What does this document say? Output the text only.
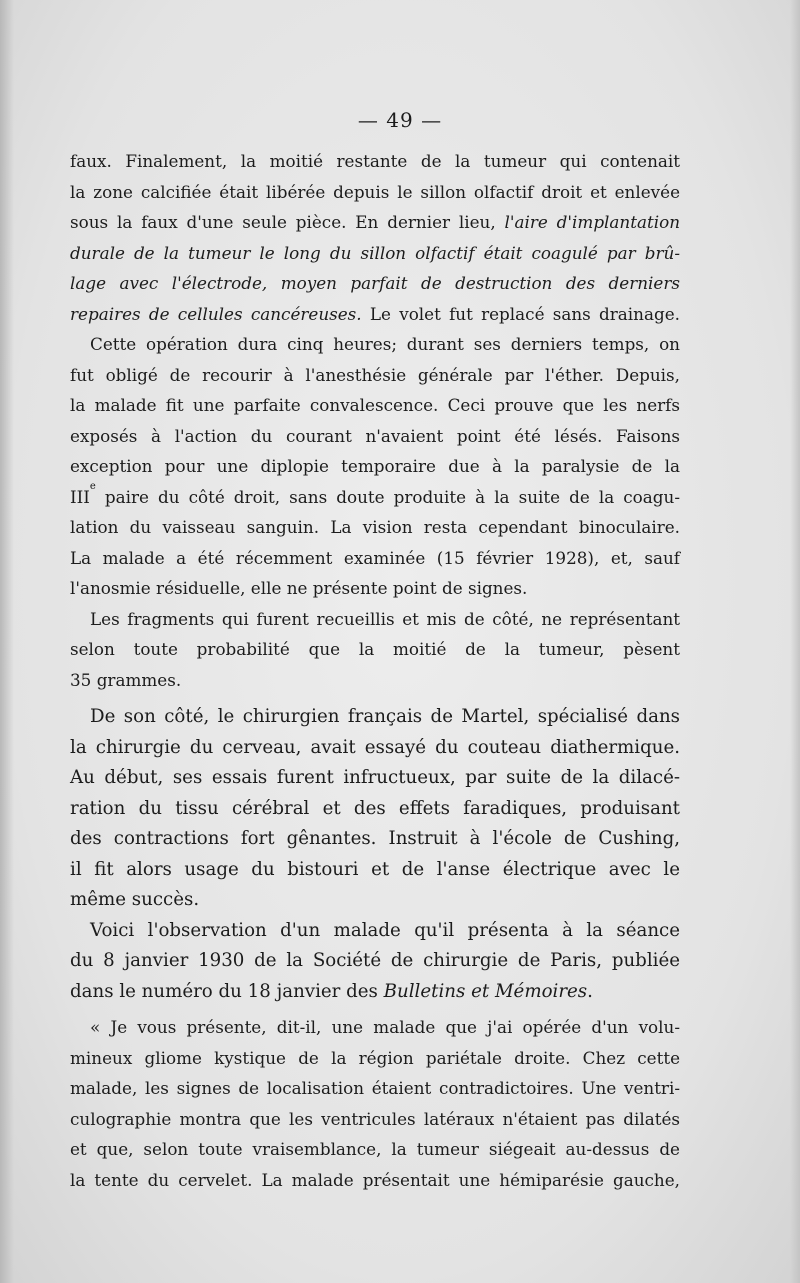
— 49 —
faux. Finalement, la moitié restante de la tumeur qui contenait
la zone calcifiée était libérée depuis le sillon olfactif droit et enlevée
sous la faux d'une seule pièce. En dernier lieu, l'aire d'implantation
durale de la tumeur le long du sillon olfactif était coagulé par brû-
lage avec l'électrode, moyen parfait de destruction des derniers
repaires de cellules cancéreuses. Le volet fut replacé sans drainage.
Cette opération dura cinq heures; durant ses derniers temps, on
fut obligé de recourir à l'anesthésie générale par l'éther. Depuis,
la malade fit une parfaite convalescence. Ceci prouve que les nerfs
exposés à l'action du courant n'avaient point été lésés. Faisons
exception pour une diplopie temporaire due à la paralysie de la
IIIe paire du côté droit, sans doute produite à la suite de la coagu-
lation du vaisseau sanguin. La vision resta cependant binoculaire.
La malade a été récemment examinée (15 février 1928), et, sauf
l'anosmie résiduelle, elle ne présente point de signes.
Les fragments qui furent recueillis et mis de côté, ne représentant
selon toute probabilité que la moitié de la tumeur, pèsent
35 grammes.
De son côté, le chirurgien français de Martel, spécialisé dans
la chirurgie du cerveau, avait essayé du couteau diathermique.
Au début, ses essais furent infructueux, par suite de la dilacé-
ration du tissu cérébral et des effets faradiques, produisant
des contractions fort gênantes. Instruit à l'école de Cushing,
il fit alors usage du bistouri et de l'anse électrique avec le
même succès.
Voici l'observation d'un malade qu'il présenta à la séance
du 8 janvier 1930 de la Société de chirurgie de Paris, publiée
dans le numéro du 18 janvier des Bulletins et Mémoires.
« Je vous présente, dit-il, une malade que j'ai opérée d'un volu-
mineux gliome kystique de la région pariétale droite. Chez cette
malade, les signes de localisation étaient contradictoires. Une ventri-
culographie montra que les ventricules latéraux n'étaient pas dilatés
et que, selon toute vraisemblance, la tumeur siégeait au-dessus de
la tente du cervelet. La malade présentait une hémiparésie gauche,
